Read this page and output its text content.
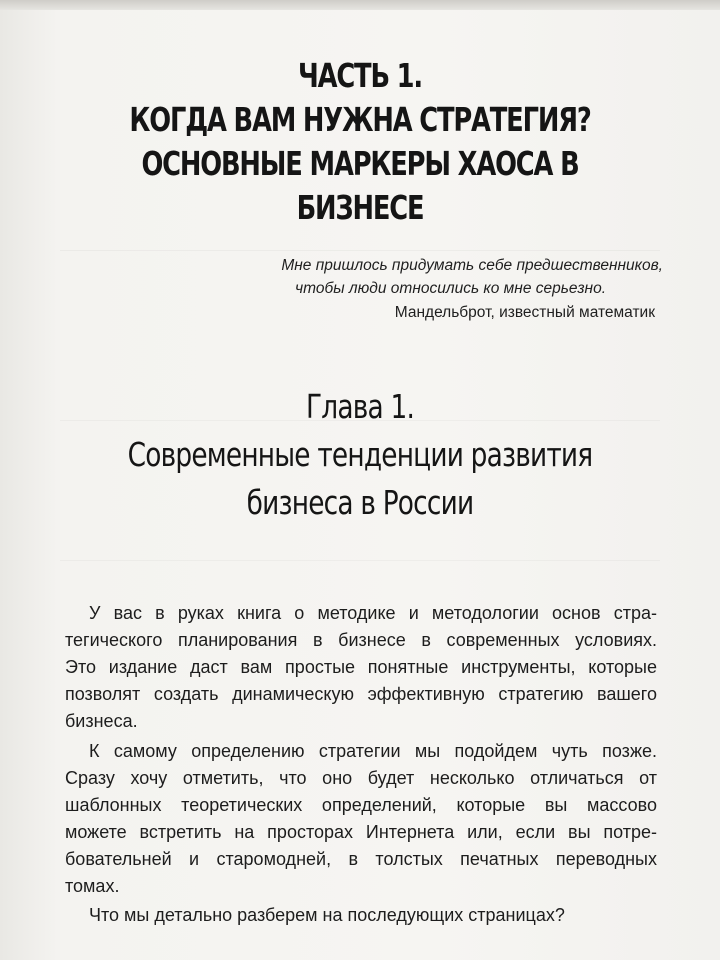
ЧАСТЬ 1.
КОГДА ВАМ НУЖНА СТРАТЕГИЯ?
ОСНОВНЫЕ МАРКЕРЫ ХАОСА В БИЗНЕСЕ
Мне пришлось придумать себе предшественников,
чтобы люди относились ко мне серьезно.
Мандельброт, известный математик
Глава 1.
Современные тенденции развития
бизнеса в России
У вас в руках книга о методике и методологии основ стра-
тегического планирования в бизнесе в современных условиях.
Это издание даст вам простые понятные инструменты, которые
позволят создать динамическую эффективную стратегию вашего
бизнеса.
К самому определению стратегии мы подойдем чуть позже.
Сразу хочу отметить, что оно будет несколько отличаться от
шаблонных теоретических определений, которые вы массово
можете встретить на просторах Интернета или, если вы потре-
бовательней и старомодней, в толстых печатных переводных
томах.
Что мы детально разберем на последующих страницах?
